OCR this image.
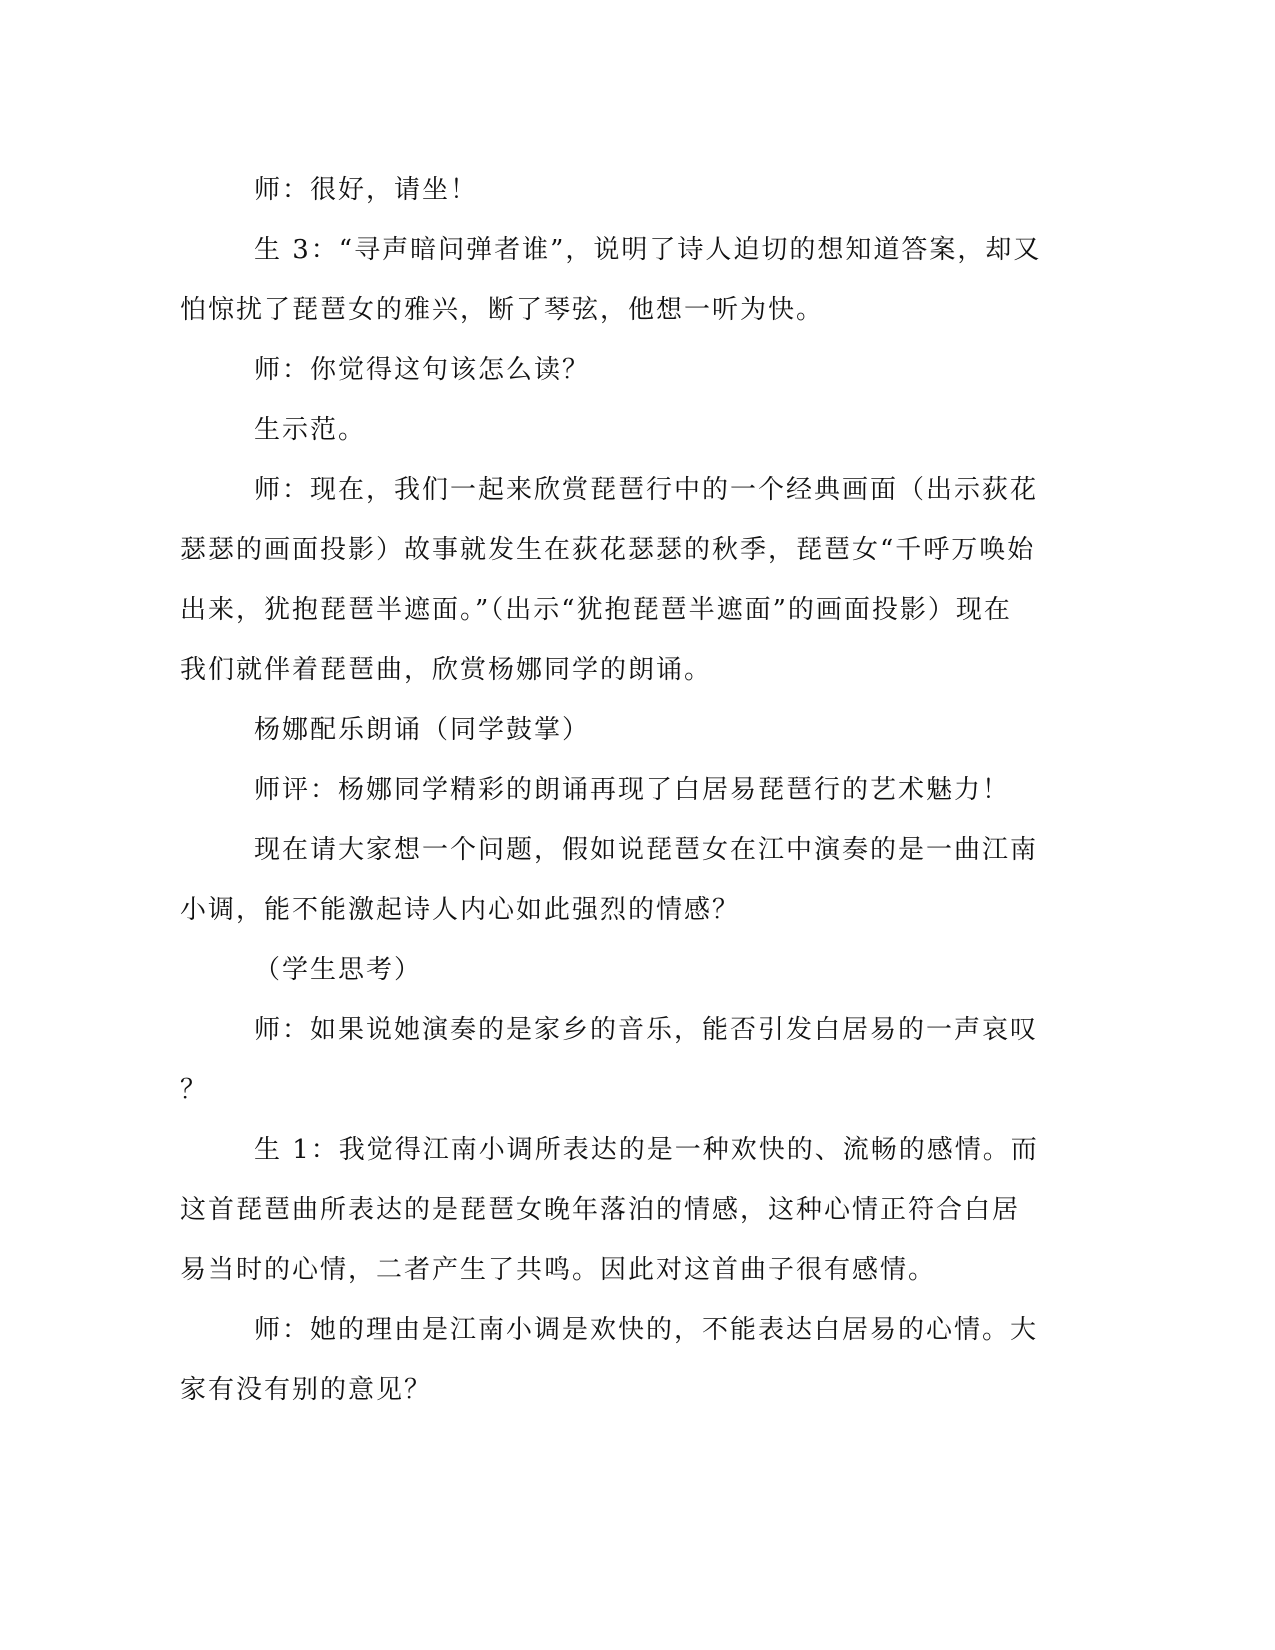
师：很好，请坐！
生 3：“寻声暗问弹者谁”，说明了诗人迫切的想知道答案，却又
怕惊扰了琵琶女的雅兴，断了琴弦，他想一听为快。
师：你觉得这句该怎么读？
生示范。
师：现在，我们一起来欣赏琵琶行中的一个经典画面（出示荻花
瑟瑟的画面投影）故事就发生在荻花瑟瑟的秋季，琵琶女“千呼万唤始
出来，犹抱琵琶半遮面。”（出示“犹抱琵琶半遮面”的画面投影）现在
我们就伴着琵琶曲，欣赏杨娜同学的朗诵。
杨娜配乐朗诵（同学鼓掌）
师评：杨娜同学精彩的朗诵再现了白居易琵琶行的艺术魅力！
现在请大家想一个问题，假如说琵琶女在江中演奏的是一曲江南
小调，能不能激起诗人内心如此强烈的情感？
（学生思考）
师：如果说她演奏的是家乡的音乐，能否引发白居易的一声哀叹
？
生 1：我觉得江南小调所表达的是一种欢快的、流畅的感情。而
这首琵琶曲所表达的是琵琶女晚年落泊的情感，这种心情正符合白居
易当时的心情，二者产生了共鸣。因此对这首曲子很有感情。
师：她的理由是江南小调是欢快的，不能表达白居易的心情。大
家有没有别的意见？
